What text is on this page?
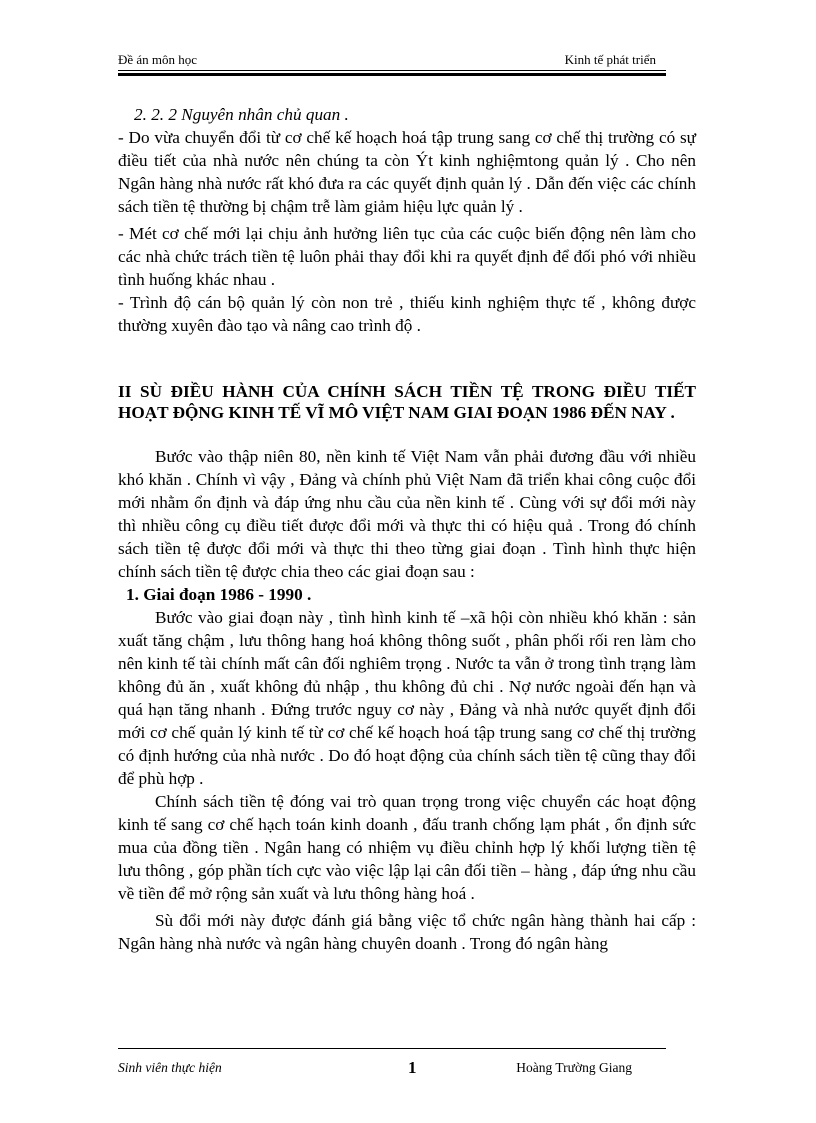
Đề án môn học	Kinh tế phát triển

2. 2. 2 Nguyên nhân chủ quan .

- Do vừa chuyển đổi từ cơ chế kế hoạch hoá tập trung sang cơ chế thị trường có sự điều tiết của nhà nước nên chúng ta còn Ýt kinh nghiệmtong quản lý . Cho nên Ngân hàng nhà nước rất khó đưa ra các quyết định quản lý . Dẫn đến việc các chính sách tiền tệ thường bị chậm trễ làm giảm hiệu lực quản lý .

- Mét cơ chế mới lại chịu ảnh hưởng liên tục của các cuộc biến động nên làm cho các nhà chức trách tiền tệ luôn phải thay đổi khi ra quyết định để đối phó với nhiều tình huống khác nhau .

- Trình độ cán bộ quản lý còn non trẻ , thiếu kinh nghiệm thực tế , không được thường xuyên đào tạo và nâng cao trình độ .

II SÙ ĐIỀU HÀNH CỦA CHÍNH SÁCH TIỀN TỆ TRONG ĐIỀU TIẾT HOẠT ĐỘNG KINH TẾ VĨ MÔ VIỆT NAM GIAI ĐOẠN 1986 ĐẾN NAY .

Bước vào thập niên 80, nền kinh tế Việt Nam vẫn phải đương đầu với nhiều khó khăn . Chính vì vậy , Đảng và chính phủ Việt Nam đã triển khai công cuộc đổi mới nhằm ổn định và đáp ứng nhu cầu của nền kinh tế . Cùng với sự đổi mới này thì nhiều công cụ điều tiết được đổi mới và thực thi có hiệu quả . Trong đó chính sách tiền tệ được đổi mới và thực thi theo từng giai đoạn . Tình hình thực hiện chính sách tiền tệ được chia theo các giai đoạn sau :

1. Giai đoạn 1986 - 1990 .

Bước vào giai đoạn này , tình hình kinh tế –xã hội còn nhiều khó khăn : sản xuất tăng chậm , lưu thông hang hoá không thông suốt , phân phối rối ren làm cho nên kinh tế tài chính mất cân đối nghiêm trọng . Nước ta vẫn ở trong tình trạng làm không đủ ăn , xuất không đủ nhập , thu không đủ chi . Nợ nước ngoài đến hạn và quá hạn tăng nhanh . Đứng trước nguy cơ này , Đảng và nhà nước quyết định đổi mới cơ chế quản lý kinh tế từ cơ chế kế hoạch hoá tập trung sang cơ chế thị trường có định hướng của nhà nước . Do đó hoạt động của chính sách tiền tệ cũng thay đổi để phù hợp .

Chính sách tiền tệ đóng vai trò quan trọng trong việc chuyển các hoạt động kinh tế sang cơ chế hạch toán kinh doanh , đấu tranh chống lạm phát , ổn định sức mua của đồng tiền . Ngân hang có nhiệm vụ điều chỉnh hợp lý khối lượng tiền tệ lưu thông , góp phần tích cực vào việc lập lại cân đối tiền – hàng , đáp ứng nhu cầu về tiền để mở rộng sản xuất và lưu thông hàng hoá .

Sù đổi mới này được đánh giá bằng việc tổ chức ngân hàng thành hai cấp : Ngân hàng nhà nước và ngân hàng chuyên doanh . Trong đó ngân hàng

Sinh viên thực hiện	1	Hoàng Trường Giang
